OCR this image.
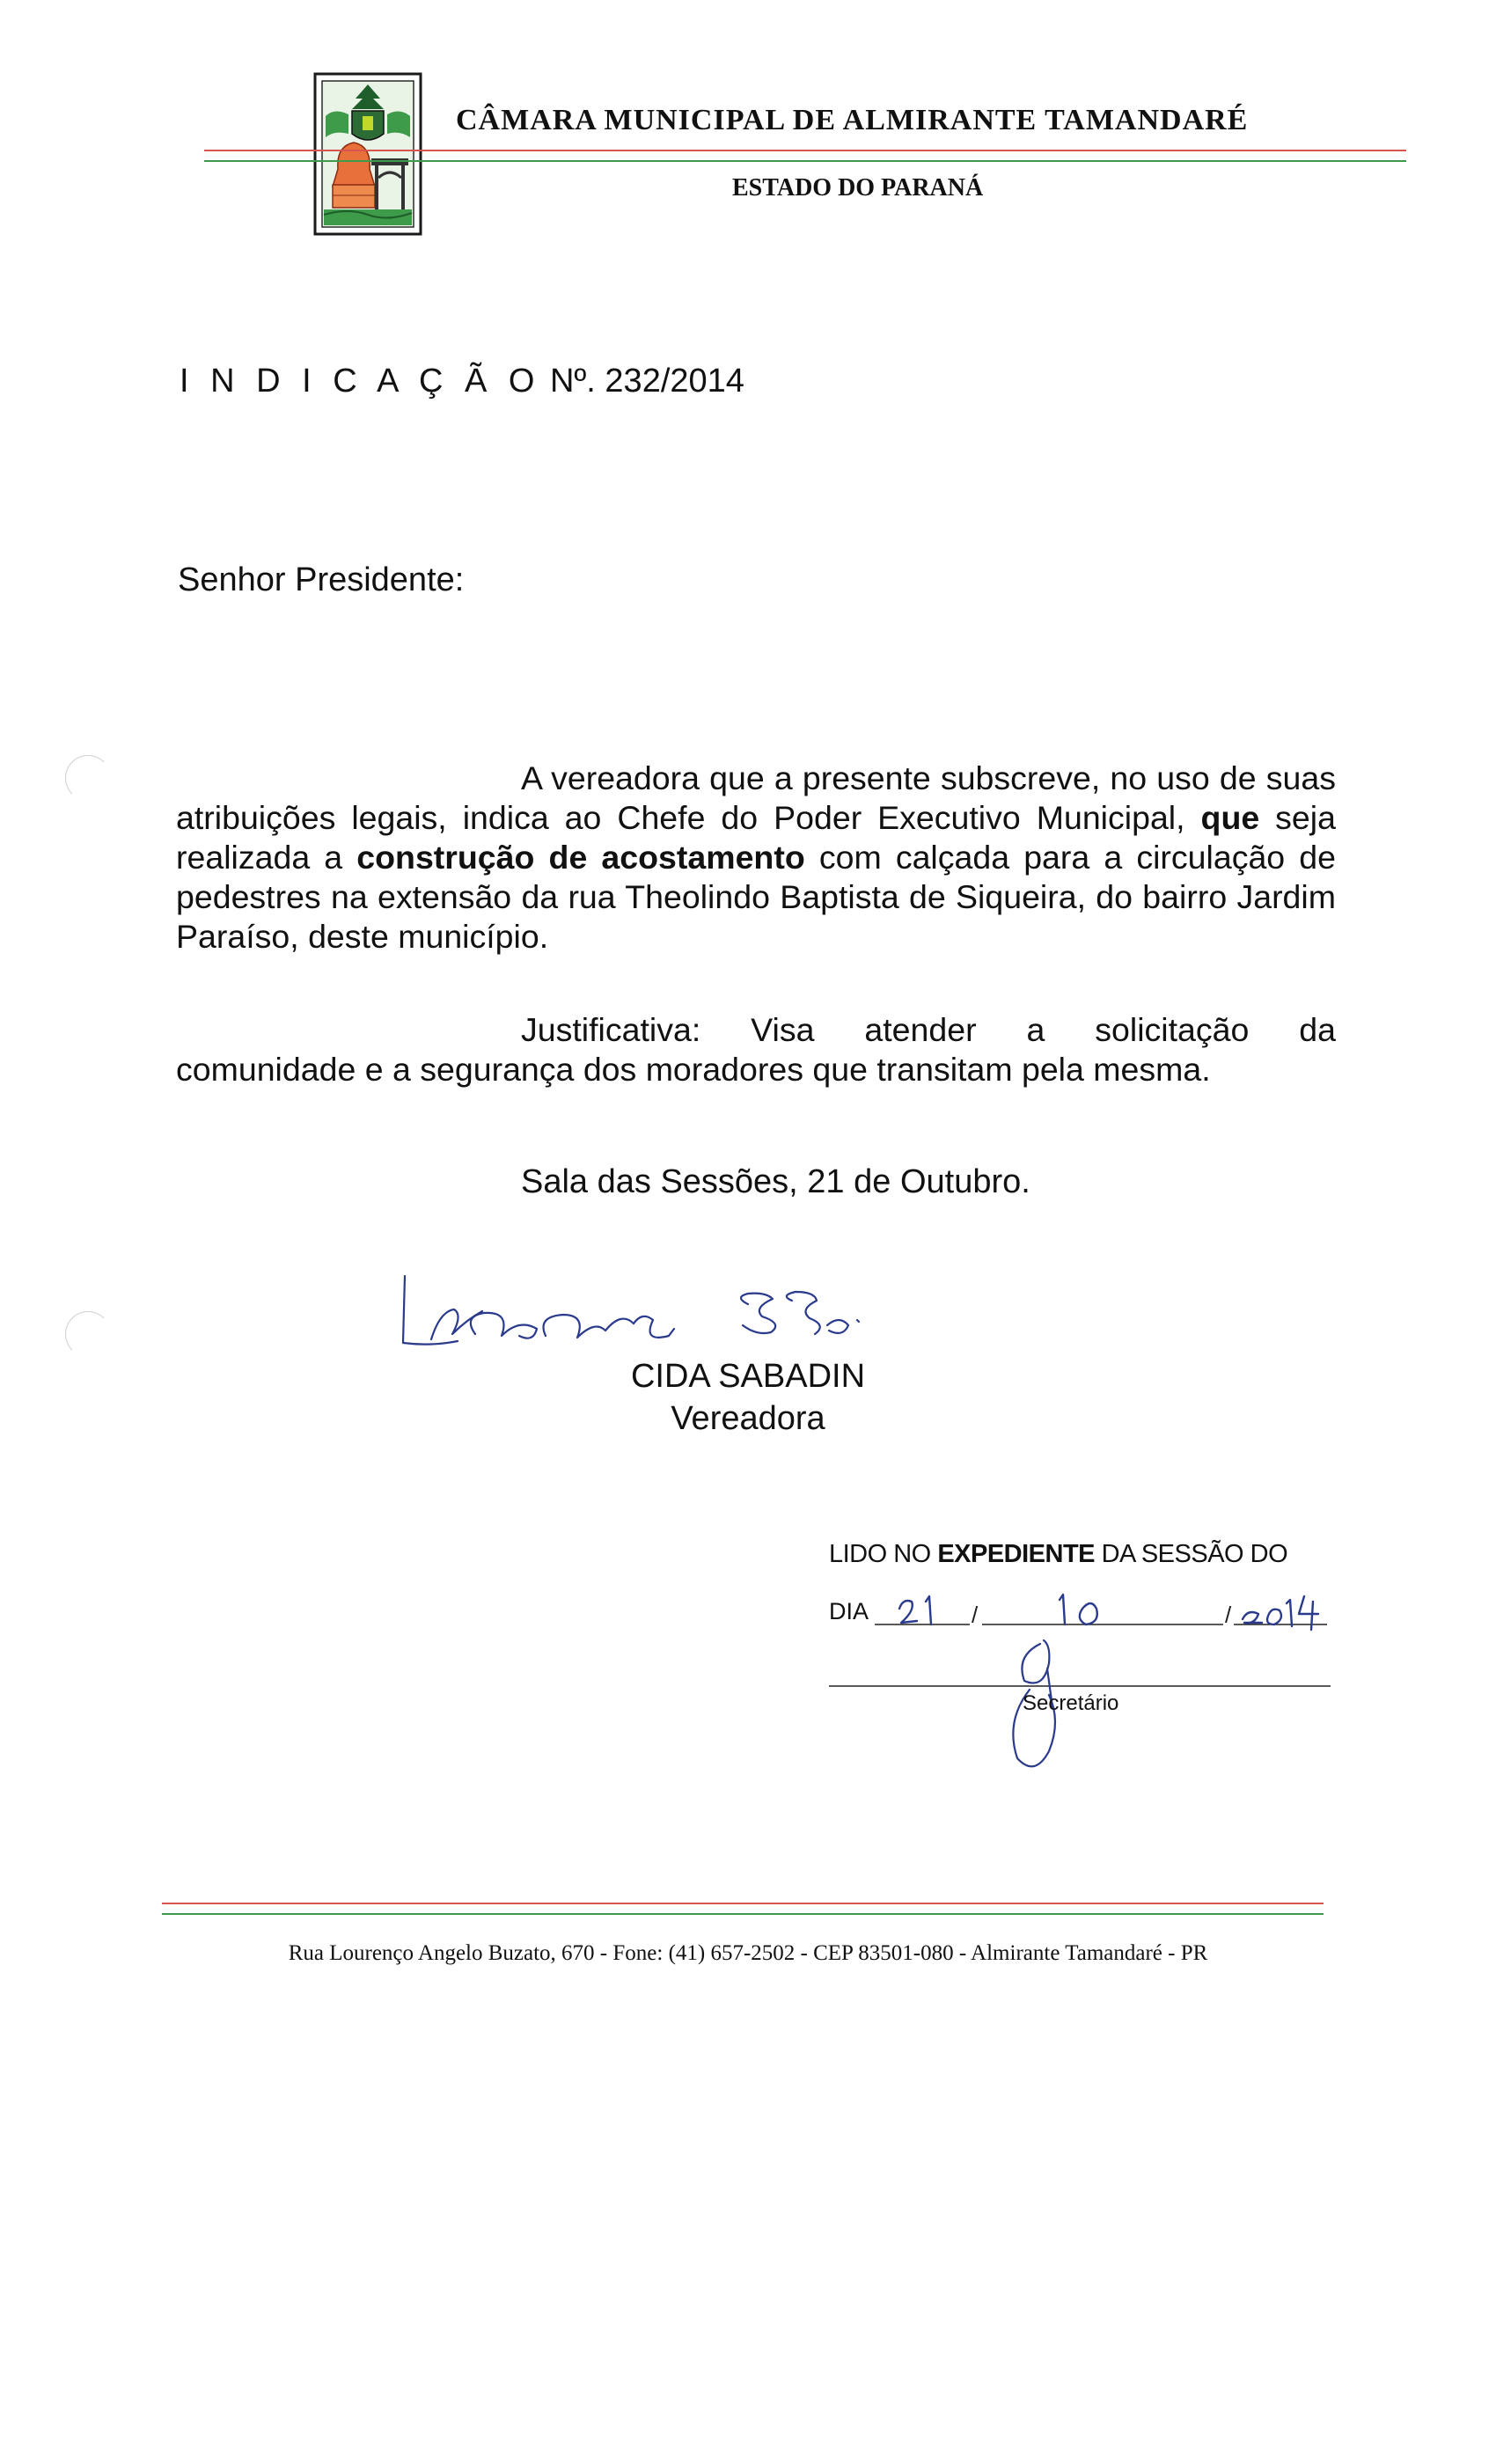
CÂMARA MUNICIPAL DE ALMIRANTE TAMANDARÉ
ESTADO DO PARANÁ
I N D I C A Ç Ã O Nº. 232/2014
Senhor Presidente:

A vereadora que a presente subscreve, no uso de suas atribuições legais, indica ao Chefe do Poder Executivo Municipal, que seja realizada a construção de acostamento com calçada para a circulação de pedestres na extensão da rua Theolindo Baptista de Siqueira, do bairro Jardim Paraíso, deste município.

Justificativa: Visa atender a solicitação da
comunidade e a segurança dos moradores que transitam pela mesma.
Sala das Sessões, 21 de Outubro.
CIDA SABADIN
Vereadora
LIDO NO EXPEDIENTE DA SESSÃO DO
DIA	/	/
Secretário
Rua Lourenço Angelo Buzato, 670 - Fone: (41) 657-2502 - CEP 83501-080 - Almirante Tamandaré - PR
